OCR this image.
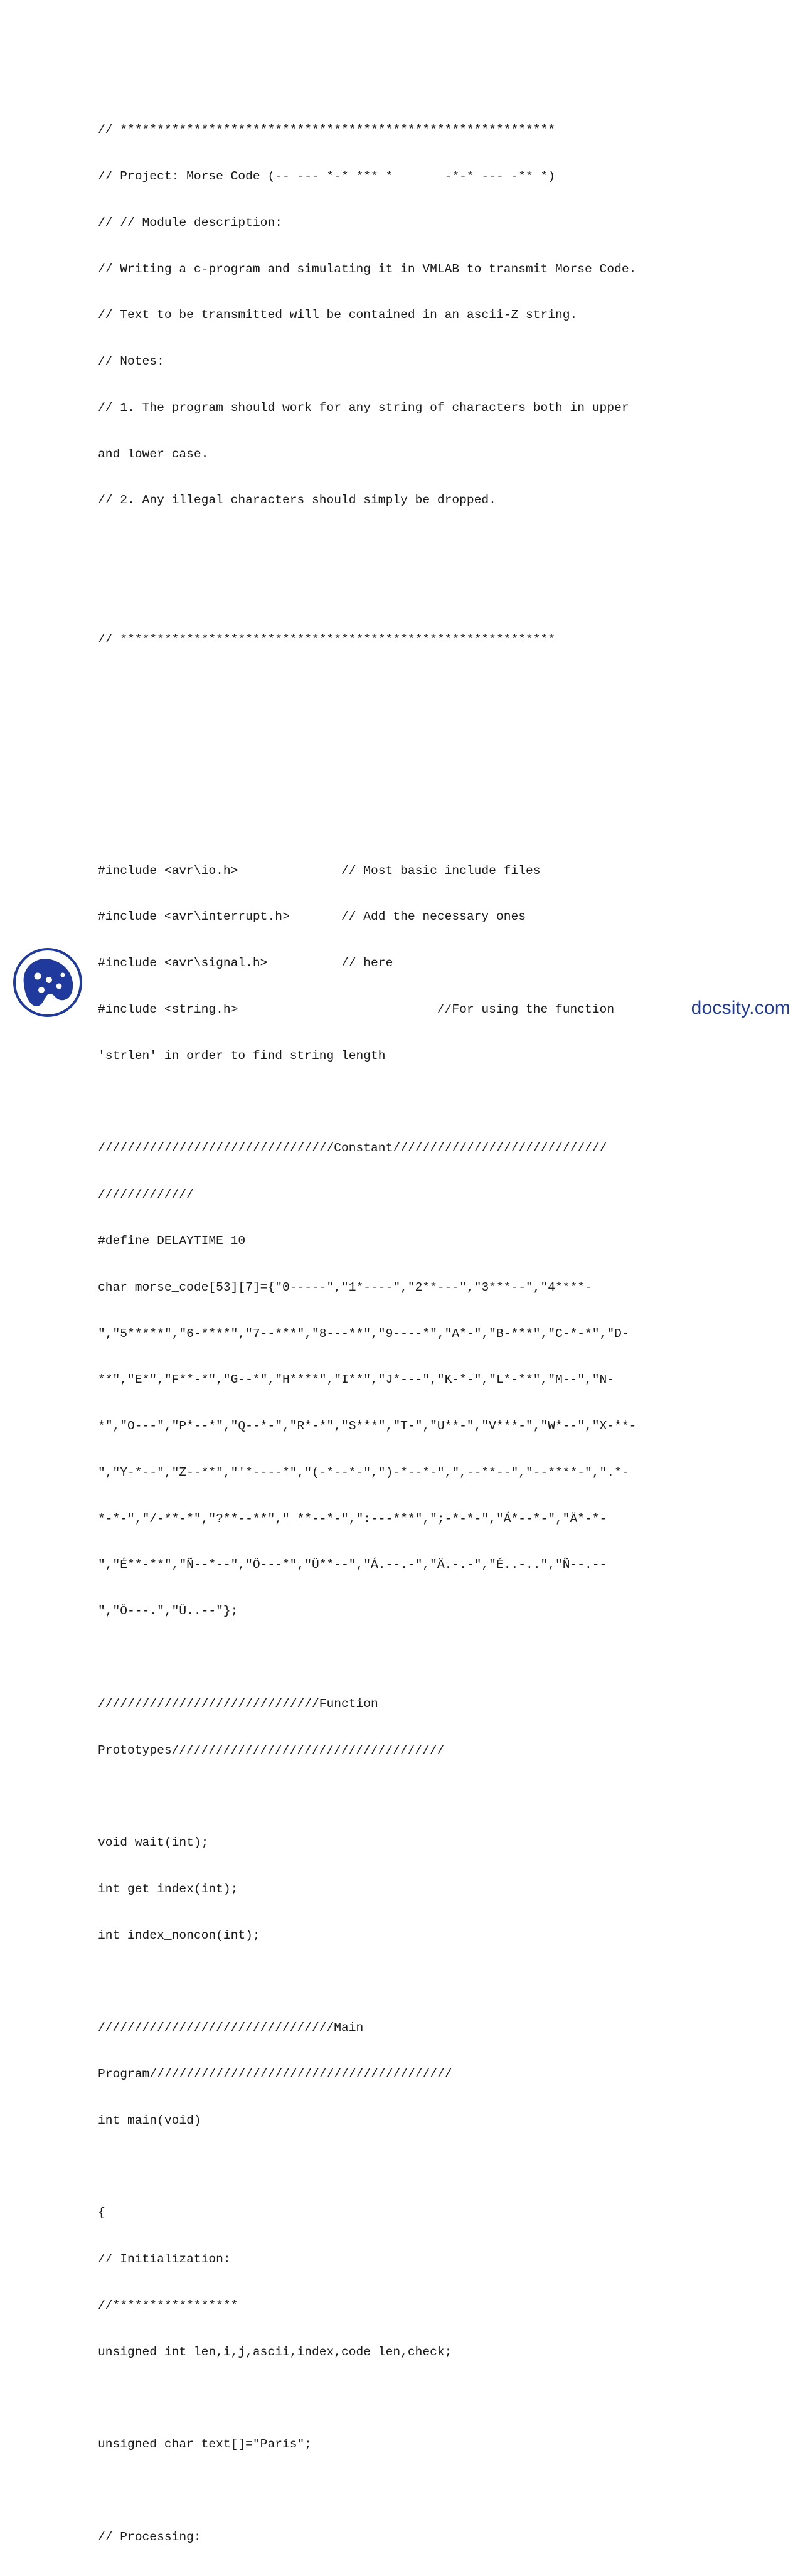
// ***********************************************************

// Project: Morse Code (-- --- *-* *** *       -*-* --- -** *)

// // Module description:

// Writing a c-program and simulating it in VMLAB to transmit Morse Code.

// Text to be transmitted will be contained in an ascii-Z string.

// Notes:

// 1. The program should work for any string of characters both in upper

and lower case.

// 2. Any illegal characters should simply be dropped.

// ***********************************************************

#include <avr\io.h>              // Most basic include files

#include <avr\interrupt.h>       // Add the necessary ones

#include <avr\signal.h>          // here

#include <string.h>                           //For using the function

'strlen' in order to find string length

////////////////////////////////Constant/////////////////////////////

/////////////

#define DELAYTIME 10

char morse_code[53][7]={"0-----","1*----","2**---","3***--","4****-

","5*****","6-****","7--***","8---**","9----*","A*-","B-***","C-*-*","D-

**","E*","F**-*","G--*","H****","I**","J*---","K-*-","L*-**","M--","N-

*","O---","P*--*","Q--*-","R*-*","S***","T-","U**-","V***-","W*--","X-**-

","Y-*--","Z--**","'*----*","(-*--*-",")-*--*-",",--**--","--****-",".*-

*-*-","/-**-*","?**--**","_**--*-",":---***",";-*-*-","Á*--*-","Ä*-*-

","É**-**","Ñ--*--","Ö---*","Ü**--","Á.--.-","Ä.-.-","É..-..","Ñ--.--

","Ö---.","Ü..--"};

//////////////////////////////Function

Prototypes/////////////////////////////////////

void wait(int);

int get_index(int);

int index_noncon(int);

////////////////////////////////Main

Program/////////////////////////////////////////

int main(void)

{

// Initialization:

//*****************

unsigned int len,i,j,ascii,index,code_len,check;

unsigned char text[]="Paris";

// Processing:

docsity.com
